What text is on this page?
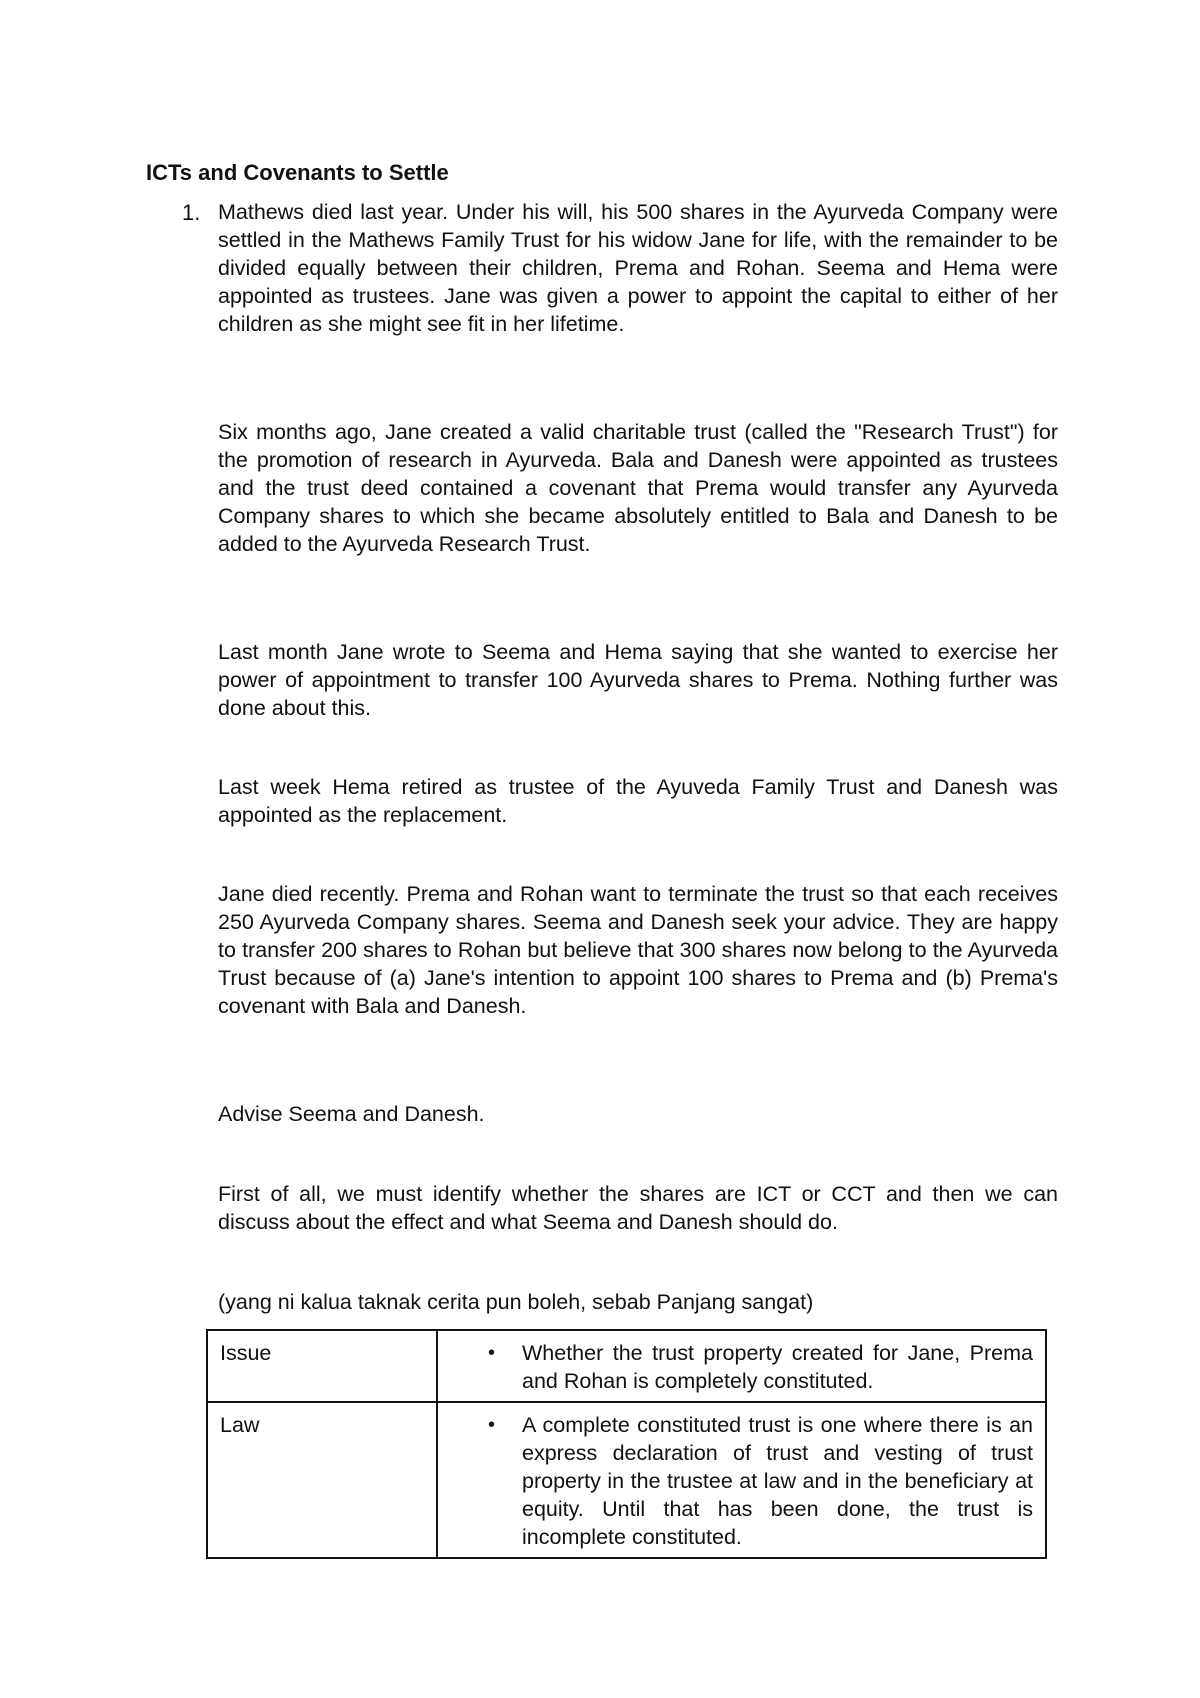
ICTs and Covenants to Settle
1. Mathews died last year. Under his will, his 500 shares in the Ayurveda Company were settled in the Mathews Family Trust for his widow Jane for life, with the remainder to be divided equally between their children, Prema and Rohan. Seema and Hema were appointed as trustees. Jane was given a power to appoint the capital to either of her children as she might see fit in her lifetime.

Six months ago, Jane created a valid charitable trust (called the "Research Trust") for the promotion of research in Ayurveda. Bala and Danesh were appointed as trustees and the trust deed contained a covenant that Prema would transfer any Ayurveda Company shares to which she became absolutely entitled to Bala and Danesh to be added to the Ayurveda Research Trust.

Last month Jane wrote to Seema and Hema saying that she wanted to exercise her power of appointment to transfer 100 Ayurveda shares to Prema. Nothing further was done about this.

Last week Hema retired as trustee of the Ayuveda Family Trust and Danesh was appointed as the replacement.

Jane died recently. Prema and Rohan want to terminate the trust so that each receives 250 Ayurveda Company shares. Seema and Danesh seek your advice. They are happy to transfer 200 shares to Rohan but believe that 300 shares now belong to the Ayurveda Trust because of (a) Jane's intention to appoint 100 shares to Prema and (b) Prema's covenant with Bala and Danesh.

Advise Seema and Danesh.

First of all, we must identify whether the shares are ICT or CCT and then we can discuss about the effect and what Seema and Danesh should do.

(yang ni kalua taknak cerita pun boleh, sebab Panjang sangat)

Issue	• Whether the trust property created for Jane, Prema and Rohan is completely constituted.
Law	• A complete constituted trust is one where there is an express declaration of trust and vesting of trust property in the trustee at law and in the beneficiary at equity. Until that has been done, the trust is incomplete constituted.
